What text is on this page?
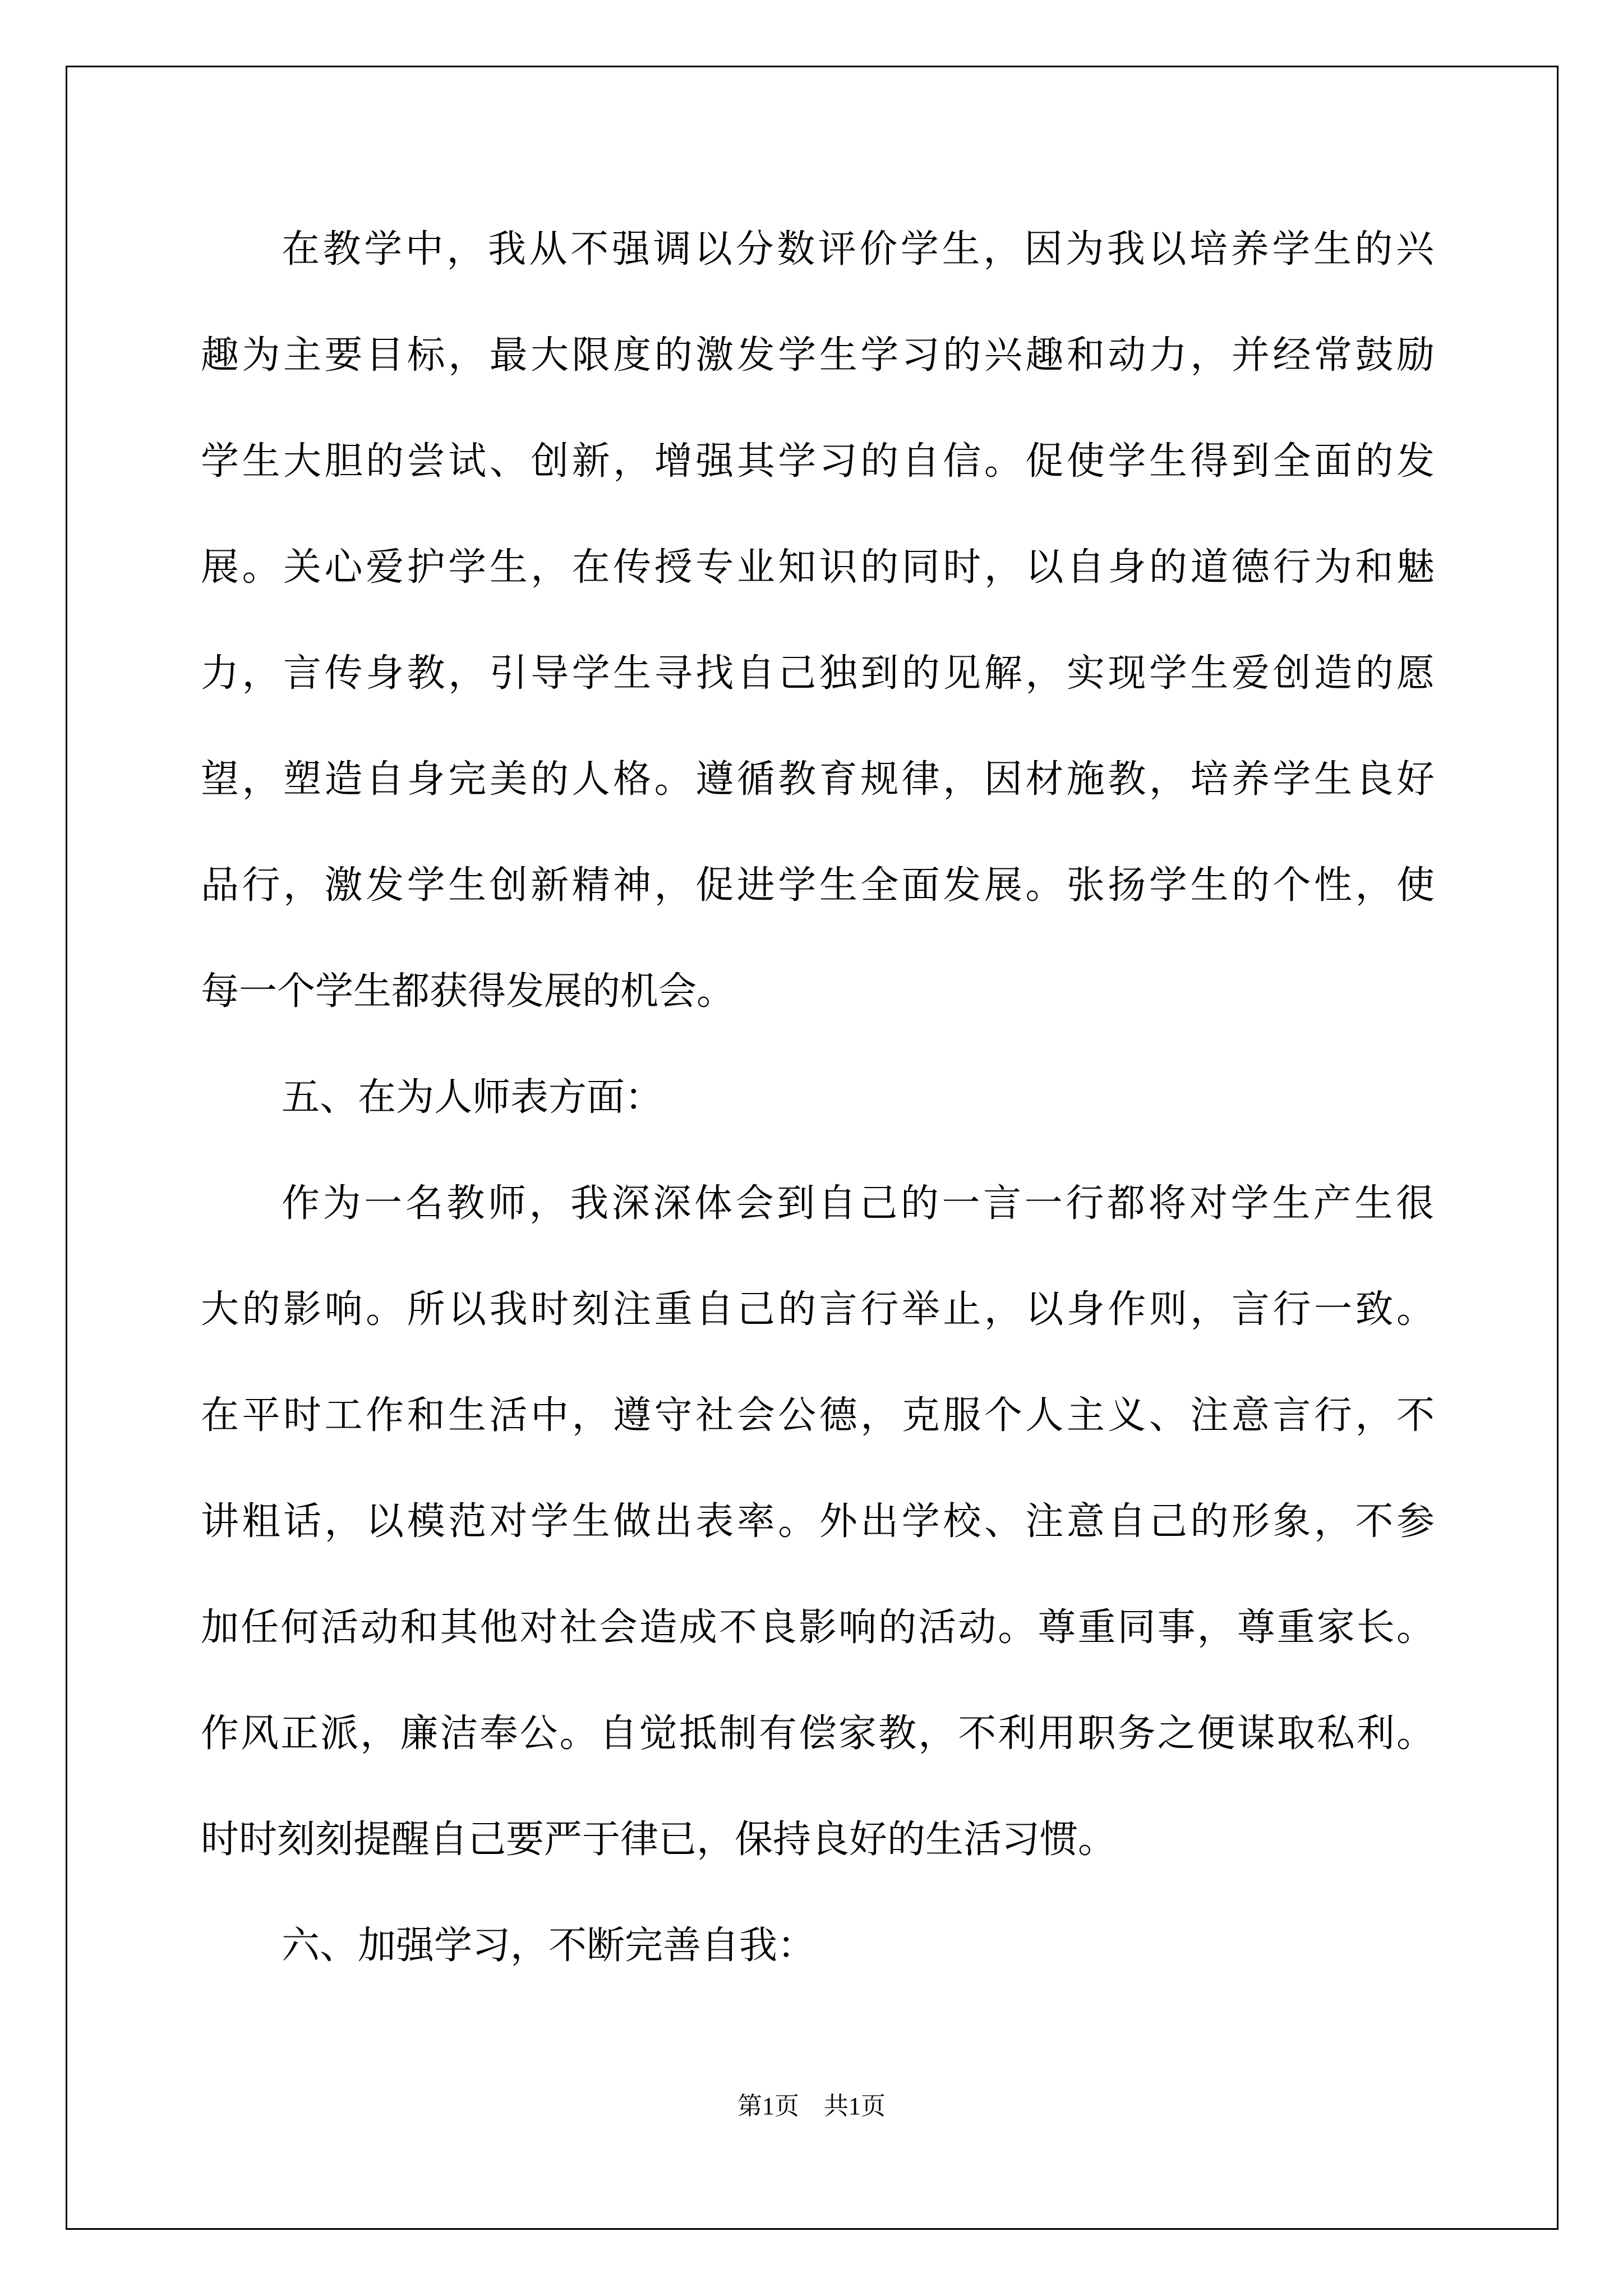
在教学中，我从不强调以分数评价学生，因为我以培养学生的兴
趣为主要目标，最大限度的激发学生学习的兴趣和动力，并经常鼓励
学生大胆的尝试、创新，增强其学习的自信。促使学生得到全面的发
展。关心爱护学生，在传授专业知识的同时，以自身的道德行为和魅
力，言传身教，引导学生寻找自己独到的见解，实现学生爱创造的愿
望，塑造自身完美的人格。遵循教育规律，因材施教，培养学生良好
品行，激发学生创新精神，促进学生全面发展。张扬学生的个性，使
每一个学生都获得发展的机会。
五、在为人师表方面：
作为一名教师，我深深体会到自己的一言一行都将对学生产生很
大的影响。所以我时刻注重自己的言行举止，以身作则，言行一致。
在平时工作和生活中，遵守社会公德，克服个人主义、注意言行，不
讲粗话，以模范对学生做出表率。外出学校、注意自己的形象，不参
加任何活动和其他对社会造成不良影响的活动。尊重同事，尊重家长。
作风正派，廉洁奉公。自觉抵制有偿家教，不利用职务之便谋取私利。
时时刻刻提醒自己要严于律已，保持良好的生活习惯。
六、加强学习，不断完善自我：
第1页　共1页
